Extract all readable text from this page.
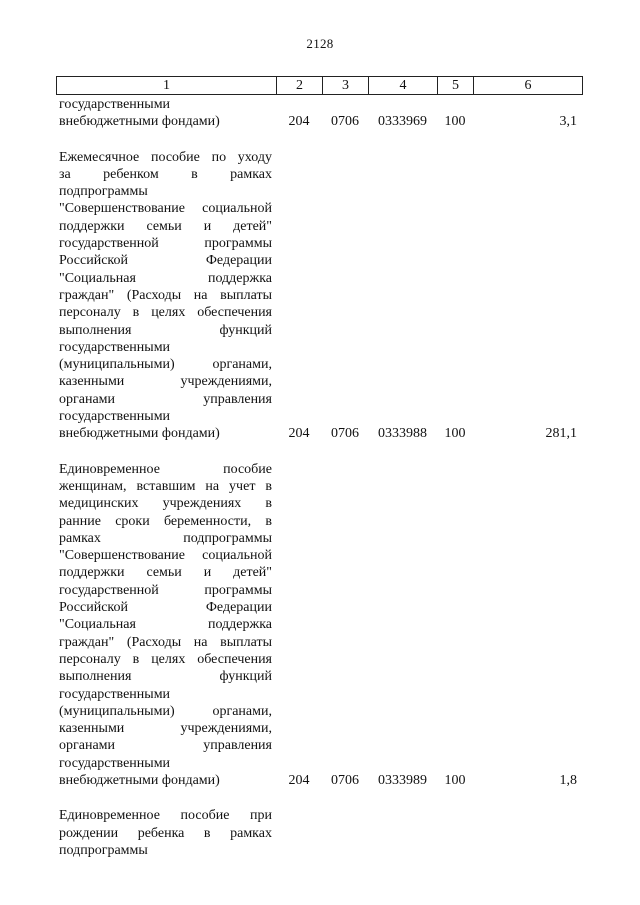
2128
1	2	3	4	5	6
государственными
внебюджетными фондами)	204	0706	0333969	100	3,1
Ежемесячное пособие по уходу
за ребенком в рамках
подпрограммы
"Совершенствование социальной
поддержки семьи и детей"
государственной программы
Российской Федерации
"Социальная поддержка
граждан" (Расходы на выплаты
персоналу в целях обеспечения
выполнения функций
государственными
(муниципальными) органами,
казенными учреждениями,
органами управления
государственными
внебюджетными фондами)	204	0706	0333988	100	281,1
Единовременное пособие
женщинам, вставшим на учет в
медицинских учреждениях в
ранние сроки беременности, в
рамках подпрограммы
"Совершенствование социальной
поддержки семьи и детей"
государственной программы
Российской Федерации
"Социальная поддержка
граждан" (Расходы на выплаты
персоналу в целях обеспечения
выполнения функций
государственными
(муниципальными) органами,
казенными учреждениями,
органами управления
государственными
внебюджетными фондами)	204	0706	0333989	100	1,8
Единовременное пособие при
рождении ребенка в рамках
подпрограммы
